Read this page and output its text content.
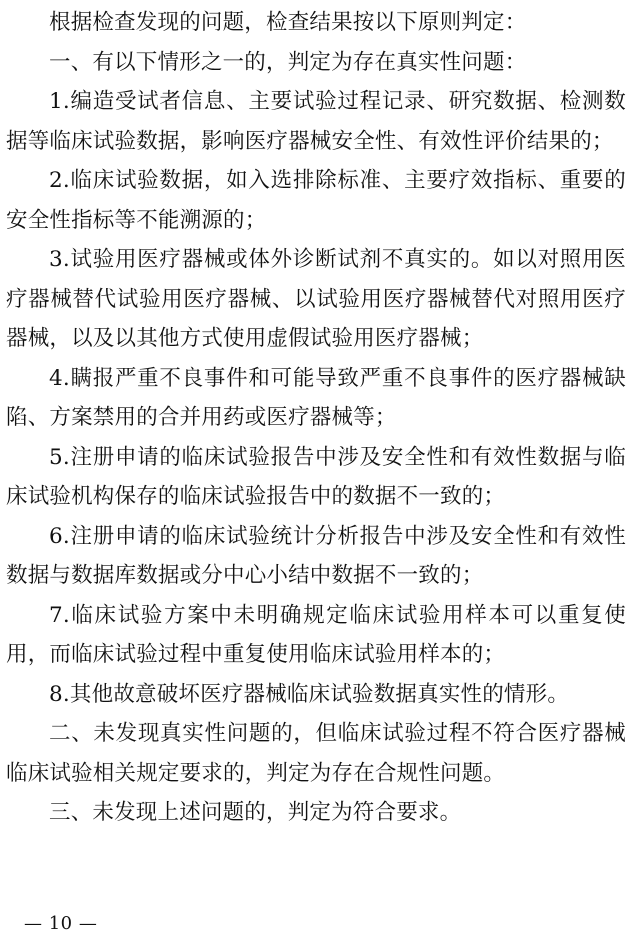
根据检查发现的问题，检查结果按以下原则判定：

一、有以下情形之一的，判定为存在真实性问题：

1.编造受试者信息、主要试验过程记录、研究数据、检测数据等临床试验数据，影响医疗器械安全性、有效性评价结果的；

2.临床试验数据，如入选排除标准、主要疗效指标、重要的安全性指标等不能溯源的；

3.试验用医疗器械或体外诊断试剂不真实的。如以对照用医疗器械替代试验用医疗器械、以试验用医疗器械替代对照用医疗器械，以及以其他方式使用虚假试验用医疗器械；

4.瞒报严重不良事件和可能导致严重不良事件的医疗器械缺陷、方案禁用的合并用药或医疗器械等；

5.注册申请的临床试验报告中涉及安全性和有效性数据与临床试验机构保存的临床试验报告中的数据不一致的；

6.注册申请的临床试验统计分析报告中涉及安全性和有效性数据与数据库数据或分中心小结中数据不一致的；

7.临床试验方案中未明确规定临床试验用样本可以重复使用，而临床试验过程中重复使用临床试验用样本的；

8.其他故意破坏医疗器械临床试验数据真实性的情形。

二、未发现真实性问题的，但临床试验过程不符合医疗器械临床试验相关规定要求的，判定为存在合规性问题。

三、未发现上述问题的，判定为符合要求。

— 10 —
